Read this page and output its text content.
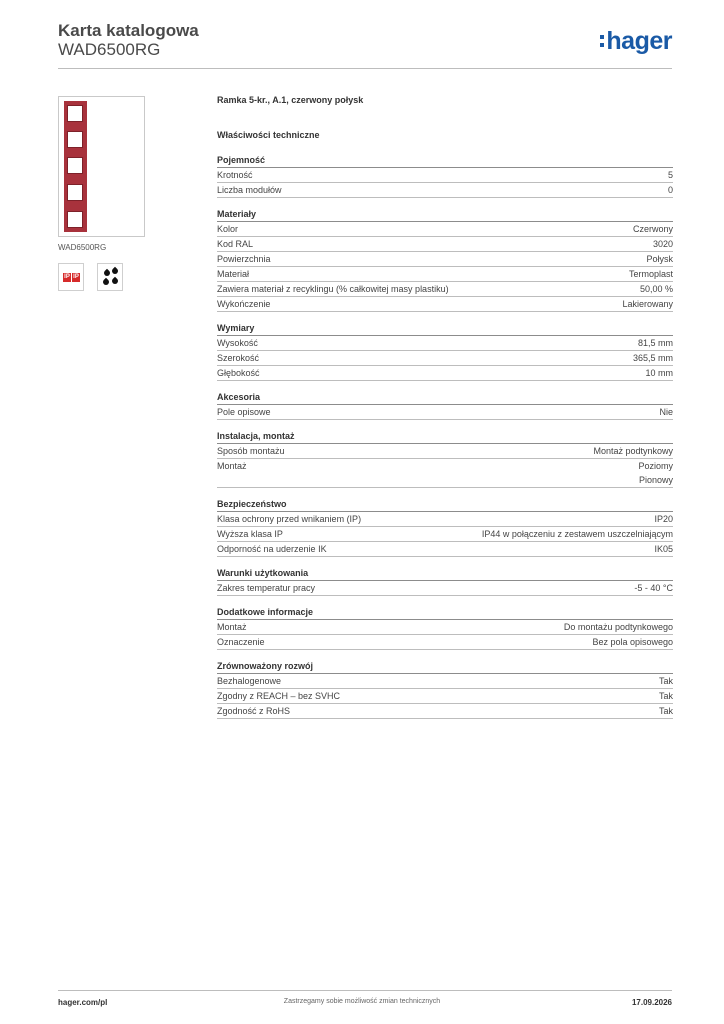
Karta katalogowa
WAD6500RG	hager
WAD6500RG
IP IP
Ramka 5-kr., A.1, czerwony połysk
Właściwości techniczne
Pojemność
Krotność	5
Liczba modułów	0
Materiały
Kolor	Czerwony
Kod RAL	3020
Powierzchnia	Połysk
Materiał	Termoplast
Zawiera materiał z recyklingu (% całkowitej masy plastiku)	50,00 %
Wykończenie	Lakierowany
Wymiary
Wysokość	81,5 mm
Szerokość	365,5 mm
Głębokość	10 mm
Akcesoria
Pole opisowe	Nie
Instalacja, montaż
Sposób montażu	Montaż podtynkowy
Montaż	Poziomy
Pionowy
Bezpieczeństwo
Klasa ochrony przed wnikaniem (IP)	IP20
Wyższa klasa IP	IP44 w połączeniu z zestawem uszczelniającym
Odporność na uderzenie IK	IK05
Warunki użytkowania
Zakres temperatur pracy	-5 - 40 °C
Dodatkowe informacje
Montaż	Do montażu podtynkowego
Oznaczenie	Bez pola opisowego
Zrównoważony rozwój
Bezhalogenowe	Tak
Zgodny z REACH – bez SVHC	Tak
Zgodność z RoHS	Tak
hager.com/pl	Zastrzegamy sobie możliwość zmian technicznych	17.09.2026
